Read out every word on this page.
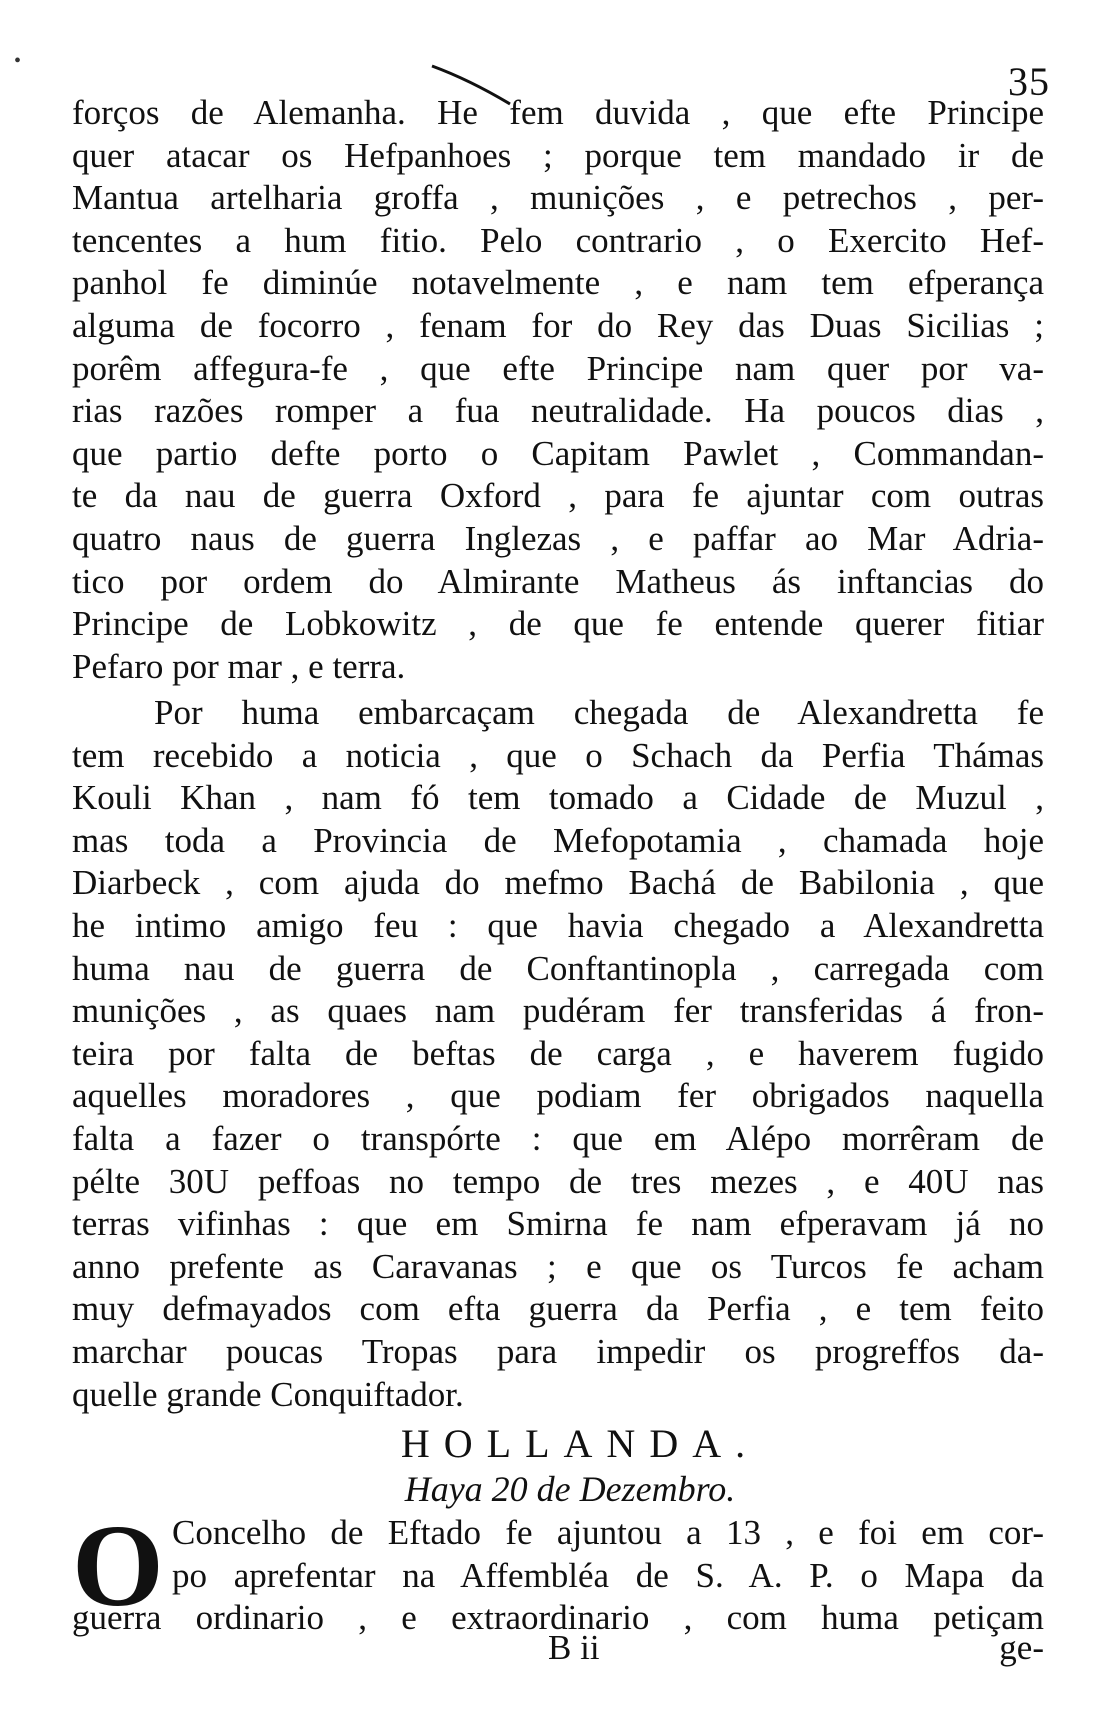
•	35
forços de Alemanha. He fem duvida , que efte Principe
quer atacar os Hefpanhoes ; porque tem mandado ir de
Mantua artelharia groffa , munições , e petrechos , per-
tencentes a hum fitio. Pelo contrario , o Exercito Hef-
panhol fe diminúe notavelmente , e nam tem efperança
alguma de focorro , fenam for do Rey das Duas Sicilias ;
porêm affegura-fe , que efte Principe nam quer por va-
rias razões romper a fua neutralidade. Ha poucos dias ,
que partio defte porto o Capitam Pawlet , Commandan-
te da nau de guerra Oxford , para fe ajuntar com outras
quatro naus de guerra Inglezas , e paffar ao Mar Adria-
tico por ordem do Almirante Matheus ás inftancias do
Principe de Lobkowitz , de que fe entende querer fitiar
Pefaro por mar , e terra.
Por huma embarcaçam chegada de Alexandretta fe
tem recebido a noticia , que o Schach da Perfia Thámas
Kouli Khan , nam fó tem tomado a Cidade de Muzul ,
mas toda a Provincia de Mefopotamia , chamada hoje
Diarbeck , com ajuda do mefmo Bachá de Babilonia , que
he intimo amigo feu : que havia chegado a Alexandretta
huma nau de guerra de Conftantinopla , carregada com
munições , as quaes nam pudéram fer transferidas á fron-
teira por falta de beftas de carga , e haverem fugido
aquelles moradores , que podiam fer obrigados naquella
falta a fazer o transpórte : que em Alépo morrêram de
pélte 30U peffoas no tempo de tres mezes , e 40U nas
terras vifinhas : que em Smirna fe nam efperavam já no
anno prefente as Caravanas ; e que os Turcos fe acham
muy defmayados com efta guerra da Perfia , e tem feito
marchar poucas Tropas para impedir os progreffos da-
quelle grande Conquiftador.
HOLLANDA.
Haya 20 de Dezembro.
O Concelho de Eftado fe ajuntou a 13 , e foi em cor-
po aprefentar na Affembléa de S. A. P. o Mapa da
guerra ordinario , e extraordinario , com huma petiçam
B ii	ge-
